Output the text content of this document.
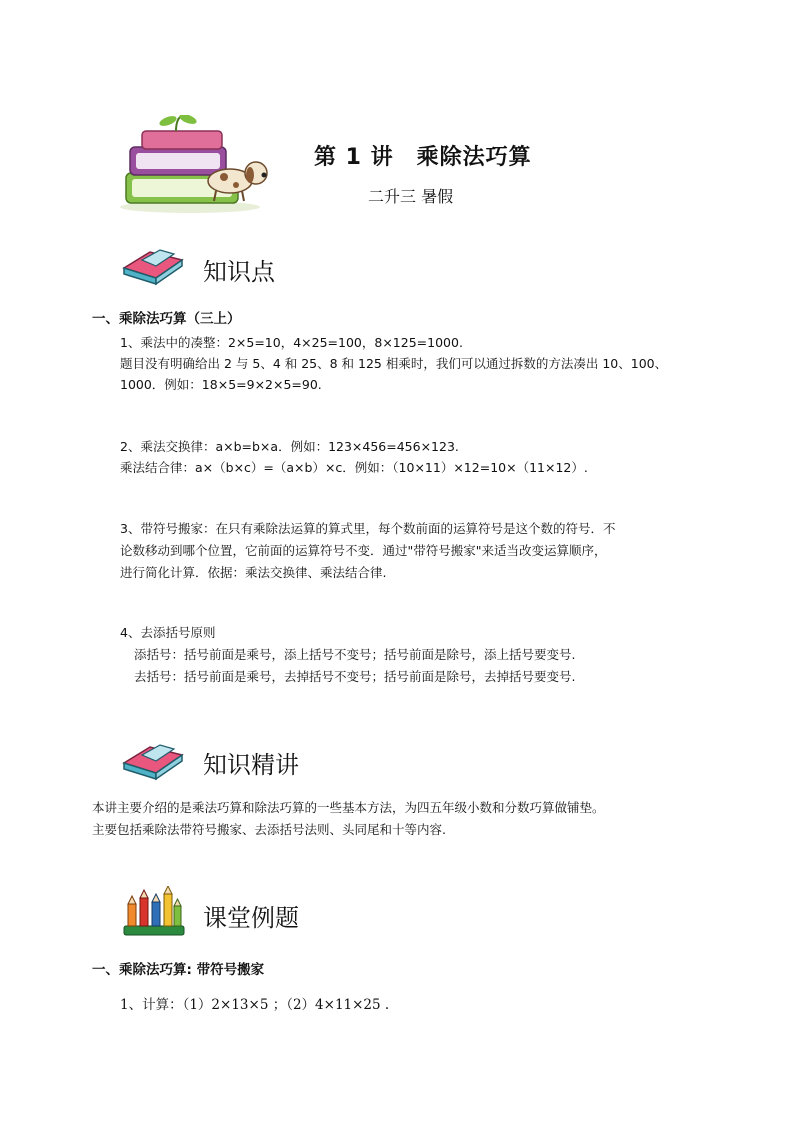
第 1 讲　乘除法巧算
二升三 暑假
知识点
一、乘除法巧算（三上）
1、乘法中的凑整：2×5=10，4×25=100，8×125=1000.
题目没有明确给出 2 与 5、4 和 25、8 和 125 相乘时，我们可以通过拆数的方法凑出 10、100、
1000．例如：18×5=9×2×5=90.
2、乘法交换律：a×b=b×a．例如：123×456=456×123.
乘法结合律：a×（b×c）=（a×b）×c．例如：（10×11）×12=10×（11×12）.
3、带符号搬家：在只有乘除法运算的算式里，每个数前面的运算符号是这个数的符号．不
论数移动到哪个位置，它前面的运算符号不变．通过"带符号搬家"来适当改变运算顺序，
进行简化计算．依据：乘法交换律、乘法结合律.
4、去添括号原则
添括号：括号前面是乘号，添上括号不变号；括号前面是除号，添上括号要变号.
去括号：括号前面是乘号，去掉括号不变号；括号前面是除号，去掉括号要变号.
知识精讲
本讲主要介绍的是乘法巧算和除法巧算的一些基本方法，为四五年级小数和分数巧算做铺垫。
主要包括乘除法带符号搬家、去添括号法则、头同尾和十等内容.
课堂例题
一、乘除法巧算: 带符号搬家
1、计算：（1）2×13×5 ；（2）4×11×25 .
